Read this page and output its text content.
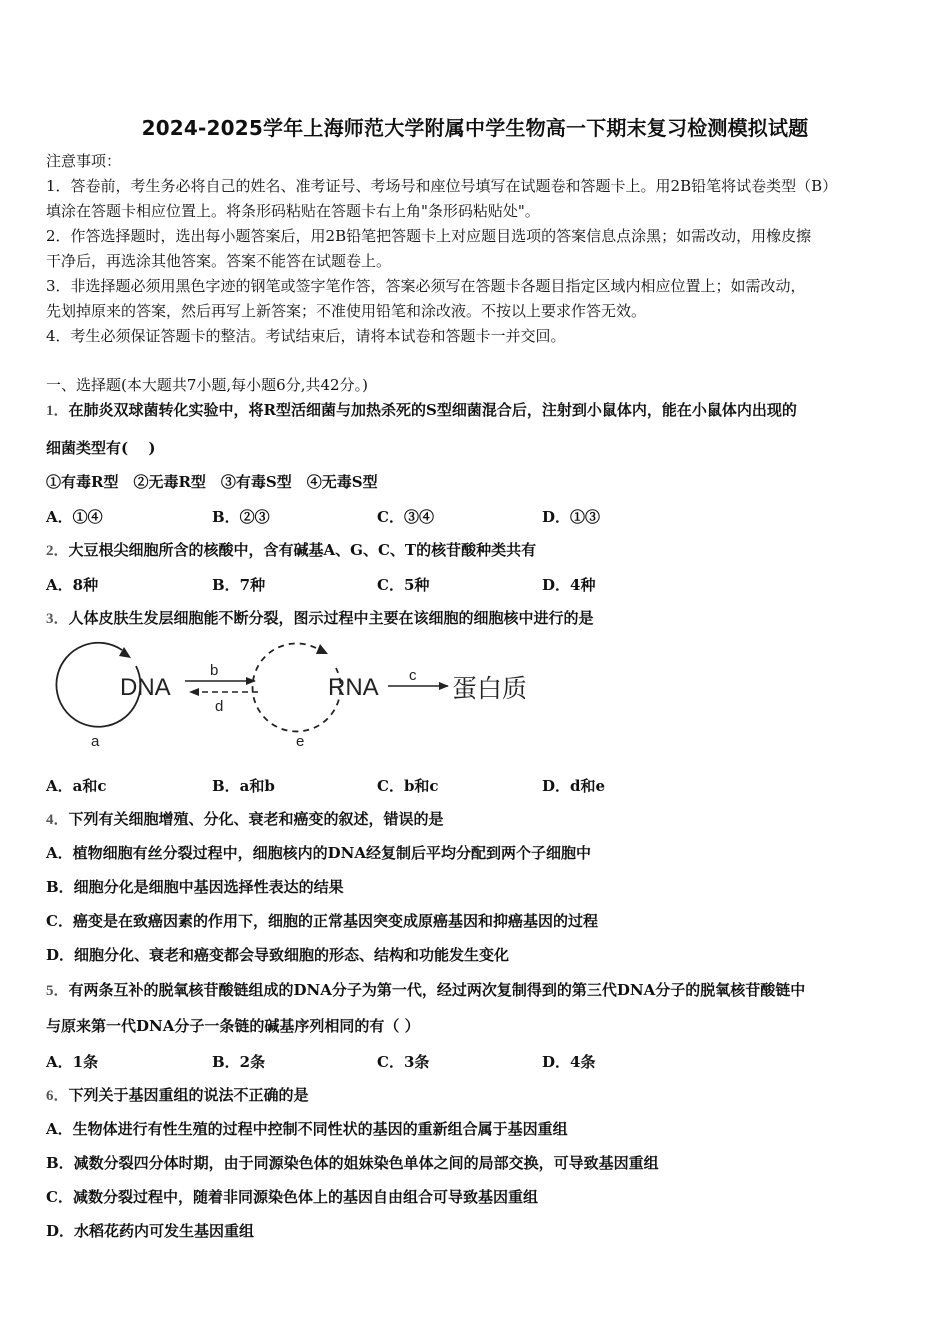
2024-2025学年上海师范大学附属中学生物高一下期末复习检测模拟试题
注意事项：
1．答卷前，考生务必将自己的姓名、准考证号、考场号和座位号填写在试题卷和答题卡上。用2B铅笔将试卷类型（B）
填涂在答题卡相应位置上。将条形码粘贴在答题卡右上角"条形码粘贴处"。
2．作答选择题时，选出每小题答案后，用2B铅笔把答题卡上对应题目选项的答案信息点涂黑；如需改动，用橡皮擦
干净后，再选涂其他答案。答案不能答在试题卷上。
3．非选择题必须用黑色字迹的钢笔或签字笔作答，答案必须写在答题卡各题目指定区域内相应位置上；如需改动，
先划掉原来的答案，然后再写上新答案；不准使用铅笔和涂改液。不按以上要求作答无效。
4．考生必须保证答题卡的整洁。考试结束后，请将本试卷和答题卡一并交回。
一、选择题(本大题共7小题,每小题6分,共42分。)
1．在肺炎双球菌转化实验中，将R型活细菌与加热杀死的S型细菌混合后，注射到小鼠体内，能在小鼠体内出现的
细菌类型有(　 )
①有毒R型　②无毒R型　③有毒S型　④无毒S型
A．①④	B．②③	C．③④	D．①③
2．大豆根尖细胞所含的核酸中，含有碱基A、G、C、T的核苷酸种类共有
A．8种	B．7种	C．5种	D．4种
3．人体皮肤生发层细胞能不断分裂，图示过程中主要在该细胞的细胞核中进行的是
DNA
a
b
d
RNA
e
c 蛋白质
A．a和c	B．a和b	C．b和c	D．d和e
4．下列有关细胞增殖、分化、衰老和癌变的叙述，错误的是
A．植物细胞有丝分裂过程中，细胞核内的DNA经复制后平均分配到两个子细胞中
B．细胞分化是细胞中基因选择性表达的结果
C．癌变是在致癌因素的作用下，细胞的正常基因突变成原癌基因和抑癌基因的过程
D．细胞分化、衰老和癌变都会导致细胞的形态、结构和功能发生变化
5．有两条互补的脱氧核苷酸链组成的DNA分子为第一代，经过两次复制得到的第三代DNA分子的脱氧核苷酸链中
与原来第一代DNA分子一条链的碱基序列相同的有（ ）
A．1条	B．2条	C．3条	D．4条
6．下列关于基因重组的说法不正确的是
A．生物体进行有性生殖的过程中控制不同性状的基因的重新组合属于基因重组
B．减数分裂四分体时期，由于同源染色体的姐妹染色单体之间的局部交换，可导致基因重组
C．减数分裂过程中，随着非同源染色体上的基因自由组合可导致基因重组
D．水稻花药内可发生基因重组
